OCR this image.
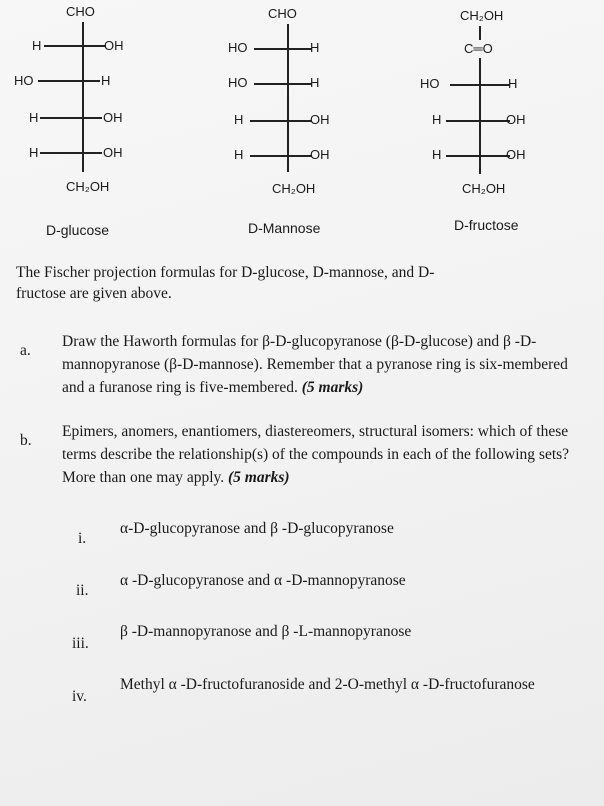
CHO
H	OH
HO	H
H	OH
H	OH
CH₂OH
D-glucose
CHO
HO	H
HO	H
H	OH
H	OH
CH₂OH
D-Mannose
CH₂OH
C═O
HO	H
H	OH
H	OH
CH₂OH
D-fructose
The Fischer projection formulas for D-glucose, D-mannose, and D-fructose are given above.
a.
Draw the Haworth formulas for β-D-glucopyranose (β-D-glucose) and β -D-mannopyranose (β-D-mannose). Remember that a pyranose ring is six-membered and a furanose ring is five-membered. (5 marks)
b.
Epimers, anomers, enantiomers, diastereomers, structural isomers: which of these terms describe the relationship(s) of the compounds in each of the following sets? More than one may apply. (5 marks)
i.
α-D-glucopyranose and β -D-glucopyranose
ii.
α -D-glucopyranose and α -D-mannopyranose
iii.
β -D-mannopyranose and β -L-mannopyranose
iv.
Methyl α -D-fructofuranoside and 2-O-methyl α -D-fructofuranose
